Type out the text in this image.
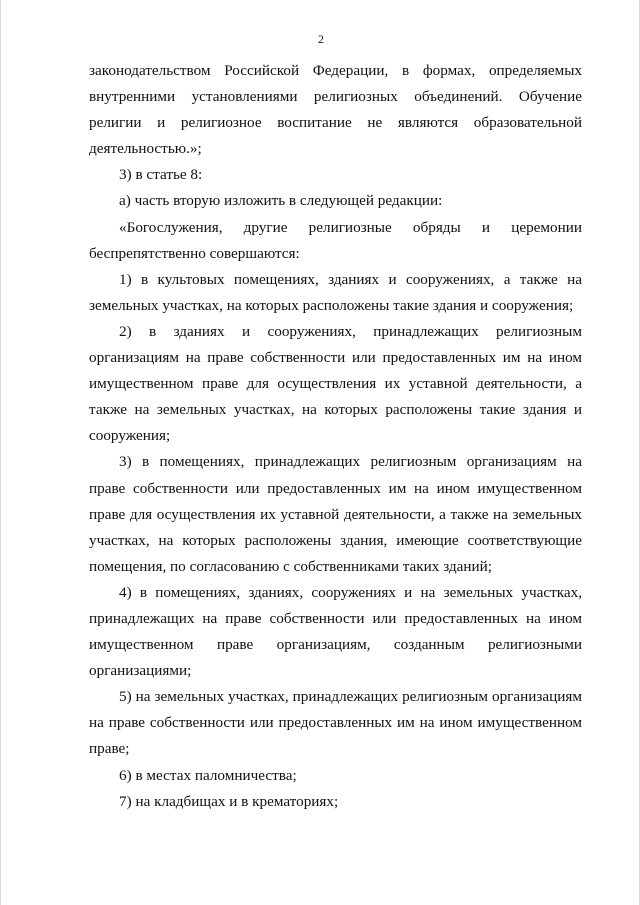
2

законодательством Российской Федерации, в формах, определяемых внутренними установлениями религиозных объединений. Обучение религии и религиозное воспитание не являются образовательной деятельностью.»;

3) в статье 8:

а) часть вторую изложить в следующей редакции:

«Богослужения, другие религиозные обряды и церемонии беспрепятственно совершаются:

1) в культовых помещениях, зданиях и сооружениях, а также на земельных участках, на которых расположены такие здания и сооружения;

2) в зданиях и сооружениях, принадлежащих религиозным организациям на праве собственности или предоставленных им на ином имущественном праве для осуществления их уставной деятельности, а также на земельных участках, на которых расположены такие здания и сооружения;

3) в помещениях, принадлежащих религиозным организациям на праве собственности или предоставленных им на ином имущественном праве для осуществления их уставной деятельности, а также на земельных участках, на которых расположены здания, имеющие соответствующие помещения, по согласованию с собственниками таких зданий;

4) в помещениях, зданиях, сооружениях и на земельных участках, принадлежащих на праве собственности или предоставленных на ином имущественном праве организациям, созданным религиозными организациями;

5) на земельных участках, принадлежащих религиозным организациям на праве собственности или предоставленных им на ином имущественном праве;

6) в местах паломничества;

7) на кладбищах и в крематориях;
